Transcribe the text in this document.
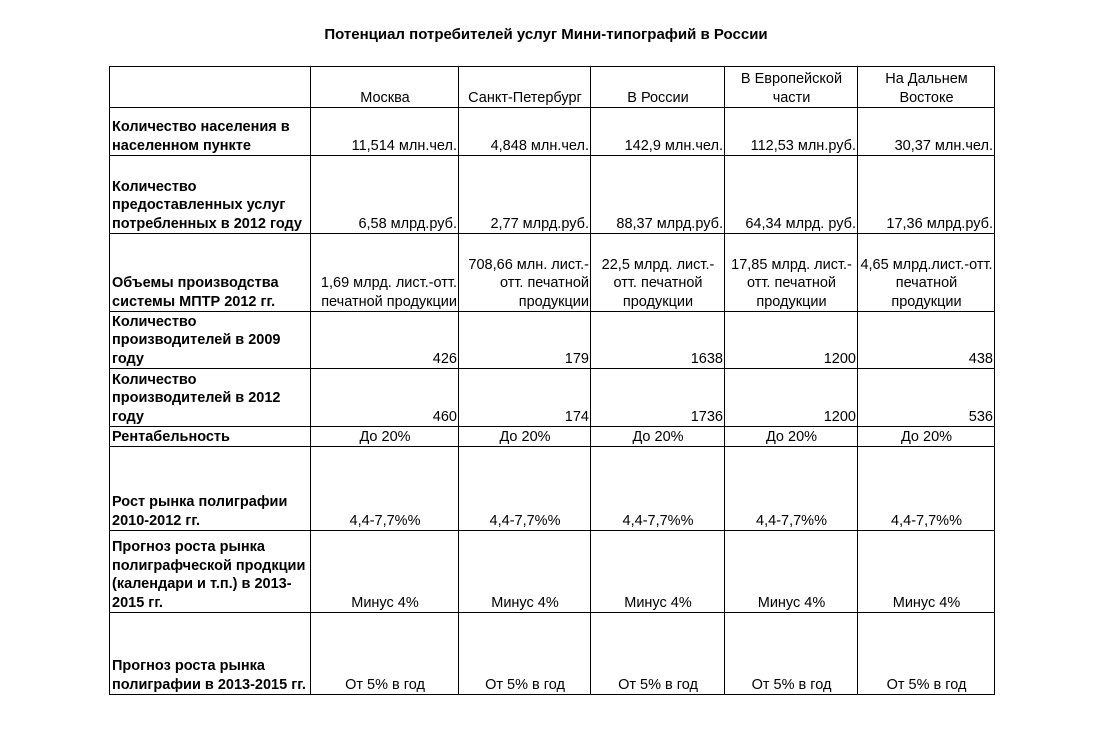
Потенциал потребителей услуг Мини-типографий в России
	Москва	Санкт-Петербург	В России	В Европейской части	На Дальнем Востоке
Количество населения в населенном пункте	11,514 млн.чел.	4,848 млн.чел.	142,9 млн.чел.	112,53 млн.руб.	30,37 млн.чел.
Количество предоставленных услуг потребленных в 2012 году	6,58 млрд.руб.	2,77 млрд.руб.	88,37 млрд.руб.	64,34 млрд. руб.	17,36 млрд.руб.
Объемы производства системы МПТР 2012 гг.	1,69 млрд. лист.-отт. печатной продукции	708,66 млн. лист.-отт. печатной продукции	22,5 млрд. лист.-отт. печатной продукции	17,85 млрд. лист.-отт. печатной продукции	4,65 млрд.лист.-отт. печатной продукции
Количество производителей в 2009 году	426	179	1638	1200	438
Количество производителей в 2012 году	460	174	1736	1200	536
Рентабельность	До 20%	До 20%	До 20%	До 20%	До 20%
Рост рынка полиграфии 2010-2012 гг.	4,4-7,7%%	4,4-7,7%%	4,4-7,7%%	4,4-7,7%%	4,4-7,7%%
Прогноз роста рынка полиграфческой продкции (календари и т.п.) в 2013-2015 гг.	Минус 4%	Минус 4%	Минус 4%	Минус 4%	Минус 4%
Прогноз роста рынка полиграфии в 2013-2015 гг.	От 5% в год	От 5% в год	От 5% в год	От 5% в год	От 5% в год
